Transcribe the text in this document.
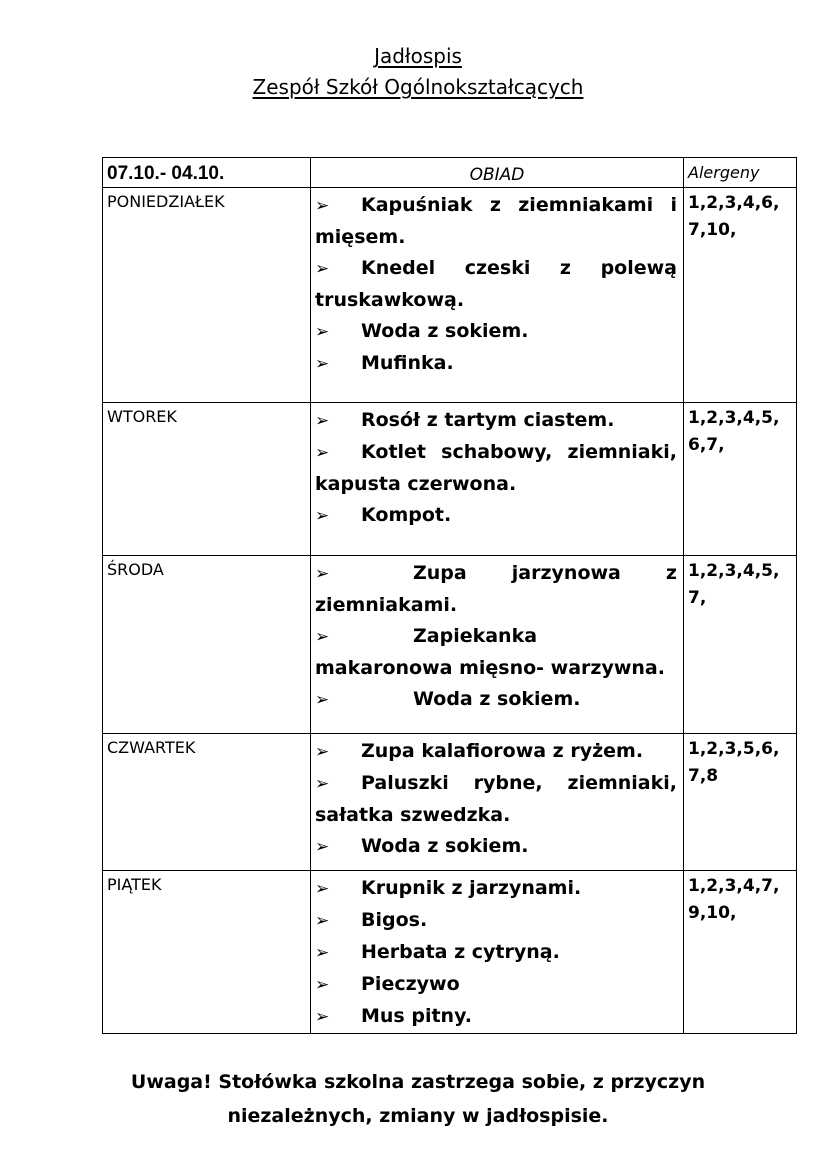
Jadłospis
Zespół Szkół Ogólnokształcących
07.10.- 04.10.	OBIAD	Alergeny

PONIEDZIAŁEK	➢ Kapuśniak z ziemniakami i mięsem.
➢ Knedel czeski z polewą truskawkową.
➢ Woda z sokiem.
➢ Mufinka.	1,2,3,4,6, 7,10,

WTOREK	➢ Rosół z tartym ciastem.
➢ Kotlet schabowy, ziemniaki, kapusta czerwona.
➢ Kompot.	1,2,3,4,5, 6,7,

ŚRODA	➢ Zupa jarzynowa z ziemniakami.
➢ Zapiekanka makaronowa mięsno- warzywna.
➢ Woda z sokiem.	1,2,3,4,5, 7,

CZWARTEK	➢ Zupa kalafiorowa z ryżem.
➢ Paluszki rybne, ziemniaki, sałatka szwedzka.
➢ Woda z sokiem.	1,2,3,5,6, 7,8

PIĄTEK	➢ Krupnik z jarzynami.
➢ Bigos.
➢ Herbata z cytryną.
➢ Pieczywo
➢ Mus pitny.	1,2,3,4,7, 9,10,
Uwaga! Stołówka szkolna zastrzega sobie, z przyczyn
niezależnych, zmiany w jadłospisie.
